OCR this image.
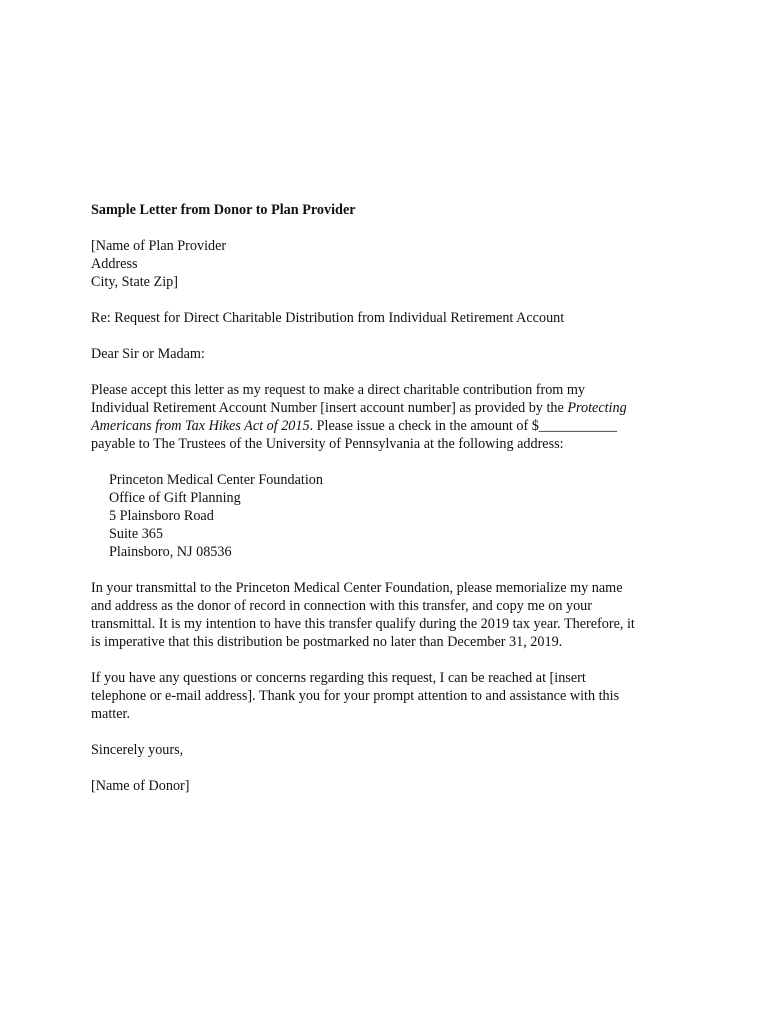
Sample Letter from Donor to Plan Provider
[Name of Plan Provider
Address
City, State Zip]
Re: Request for Direct Charitable Distribution from Individual Retirement Account
Dear Sir or Madam:
Please accept this letter as my request to make a direct charitable contribution from my
Individual Retirement Account Number [insert account number] as provided by the Protecting
Americans from Tax Hikes Act of 2015. Please issue a check in the amount of $___________
payable to The Trustees of the University of Pennsylvania at the following address:
Princeton Medical Center Foundation
Office of Gift Planning
5 Plainsboro Road
Suite 365
Plainsboro, NJ 08536
In your transmittal to the Princeton Medical Center Foundation, please memorialize my name
and address as the donor of record in connection with this transfer, and copy me on your
transmittal. It is my intention to have this transfer qualify during the 2019 tax year. Therefore, it
is imperative that this distribution be postmarked no later than December 31, 2019.
If you have any questions or concerns regarding this request, I can be reached at [insert
telephone or e-mail address]. Thank you for your prompt attention to and assistance with this
matter.
Sincerely yours,
[Name of Donor]
